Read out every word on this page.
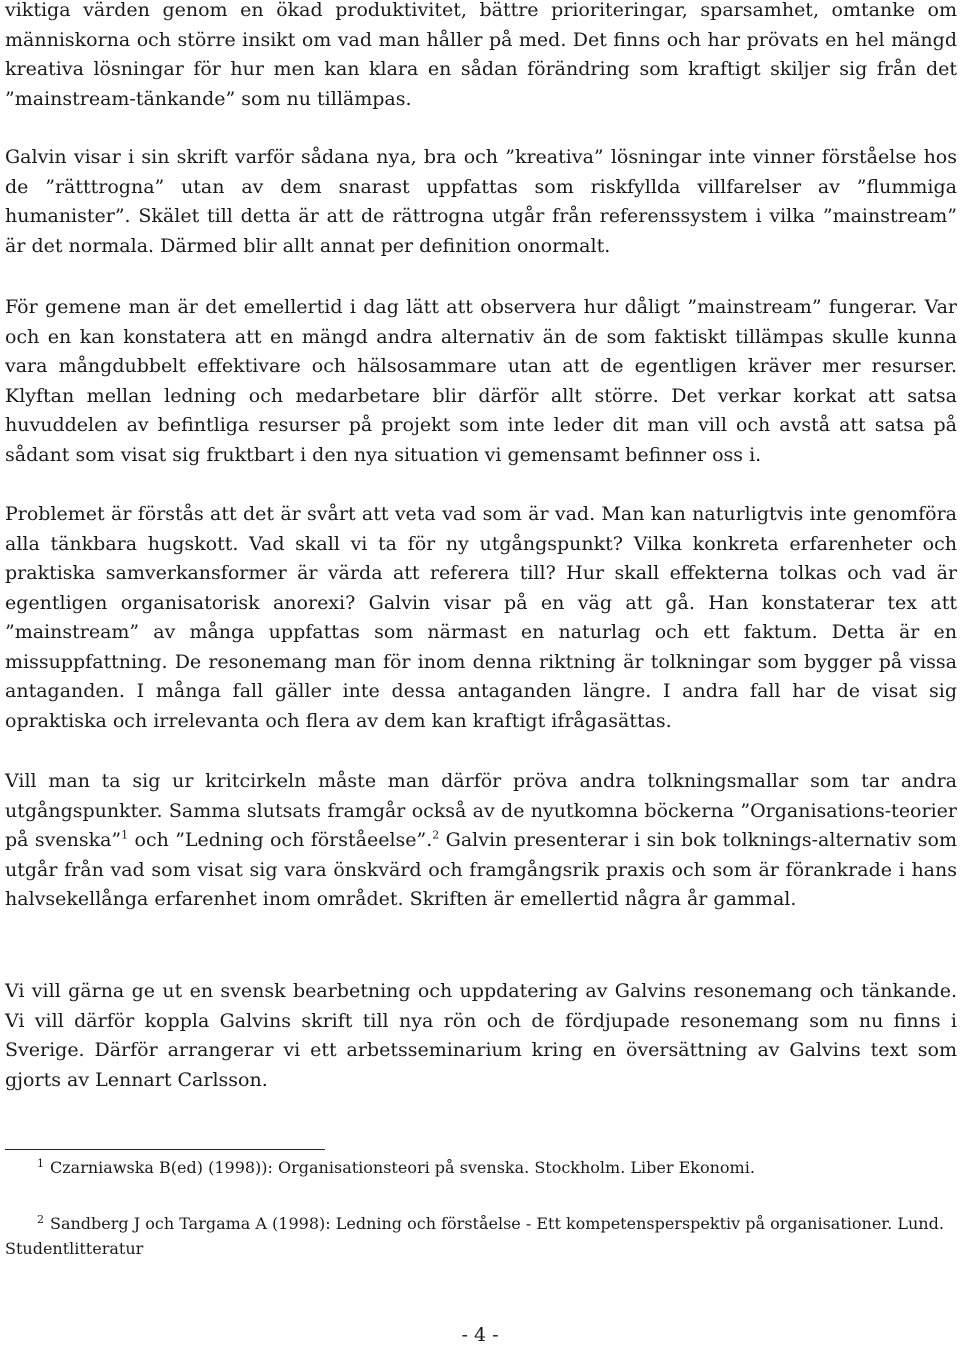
viktiga värden genom en ökad produktivitet, bättre prioriteringar, sparsamhet, omtanke om människorna och större insikt om vad man håller på med. Det finns och har prövats en hel mängd kreativa lösningar för hur men kan klara en sådan förändring som kraftigt skiljer sig från det ”mainstream-tänkande” som nu tillämpas.

Galvin visar i sin skrift varför sådana nya, bra och ”kreativa” lösningar inte vinner förståelse hos de ”rätttrogna” utan av dem snarast uppfattas som riskfyllda villfarelser av ”flummiga humanister”. Skälet till detta är att de rättrogna utgår från referenssystem i vilka ”mainstream” är det normala. Därmed blir allt annat per definition onormalt.

För gemene man är det emellertid i dag lätt att observera hur dåligt ”mainstream” fungerar. Var och en kan konstatera att en mängd andra alternativ än de som faktiskt tillämpas skulle kunna vara mångdubbelt effektivare och hälsosammare utan att de egentligen kräver mer resurser. Klyftan mellan ledning och medarbetare blir därför allt större. Det verkar korkat att satsa huvuddelen av befintliga resurser på projekt som inte leder dit man vill och avstå att satsa på sådant som visat sig fruktbart i den nya situation vi gemensamt befinner oss i.

Problemet är förstås att det är svårt att veta vad som är vad. Man kan naturligtvis inte genomföra alla tänkbara hugskott. Vad skall vi ta för ny utgångspunkt? Vilka konkreta erfarenheter och praktiska samverkansformer är värda att referera till? Hur skall effekterna tolkas och vad är egentligen organisatorisk anorexi? Galvin visar på en väg att gå. Han konstaterar tex att ”mainstream” av många uppfattas som närmast en naturlag och ett faktum. Detta är en missuppfattning. De resonemang man för inom denna riktning är tolkningar som bygger på vissa antaganden. I många fall gäller inte dessa antaganden längre. I andra fall har de visat sig opraktiska och irrelevanta och flera av dem kan kraftigt ifrågasättas.

Vill man ta sig ur kritcirkeln måste man därför pröva andra tolkningsmallar som tar andra utgångspunkter. Samma slutsats framgår också av de nyutkomna böckerna ”Organisations-teorier på svenska”$^1$ och ”Ledning och förståeelse”.$^2$ Galvin presenterar i sin bok tolknings-alternativ som utgår från vad som visat sig vara önskvärd och framgångsrik praxis och som är förankrade i hans halvsekellånga erfarenhet inom området. Skriften är emellertid några år gammal.

Vi vill gärna ge ut en svensk bearbetning och uppdatering av Galvins resonemang och tänkande. Vi vill därför koppla Galvins skrift till nya rön och de fördjupade resonemang som nu finns i Sverige. Därför arrangerar vi ett arbetsseminarium kring en översättning av Galvins text som gjorts av Lennart Carlsson.

1 Czarniawska B(ed) (1998)): Organisationsteori på svenska. Stockholm. Liber Ekonomi.

2 Sandberg J och Targama A (1998): Ledning och förståelse - Ett kompetensperspektiv på organisationer. Lund. Studentlitteratur

- 4 -
